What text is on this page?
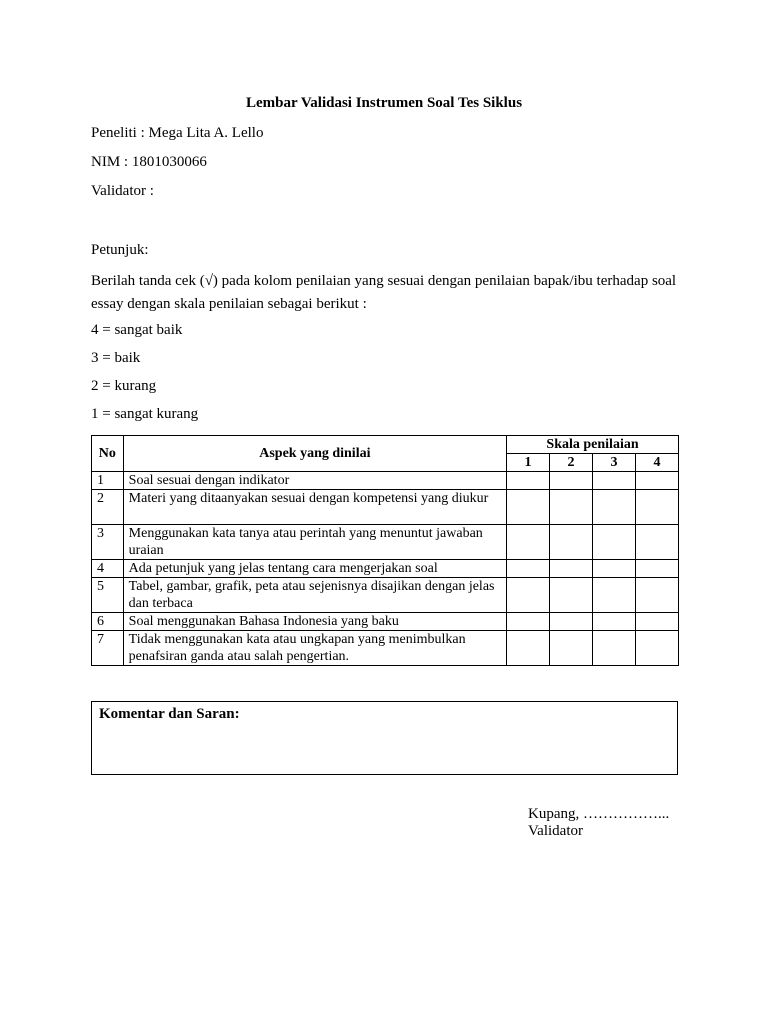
Lembar Validasi Instrumen Soal Tes Siklus
Peneliti : Mega Lita A. Lello
NIM : 1801030066
Validator :
Petunjuk:
Berilah tanda cek (√) pada kolom penilaian yang sesuai dengan penilaian bapak/ibu terhadap soal essay dengan skala penilaian sebagai berikut :
4 = sangat baik
3 = baik
2 = kurang
1 = sangat kurang
No	Aspek yang dinilai	Skala penilaian			
		1	2	3	4
1	Soal sesuai dengan indikator				
2	Materi yang ditaanyakan sesuai dengan kompetensi yang diukur				
3	Menggunakan kata tanya atau perintah yang menuntut jawaban uraian				
4	Ada petunjuk yang jelas tentang cara mengerjakan soal				
5	Tabel, gambar, grafik, peta atau sejenisnya disajikan dengan jelas dan terbaca				
6	Soal menggunakan Bahasa Indonesia yang baku				
7	Tidak menggunakan kata atau ungkapan yang menimbulkan penafsiran ganda atau salah pengertian.				
Komentar dan Saran:
Kupang, ……………...
Validator
